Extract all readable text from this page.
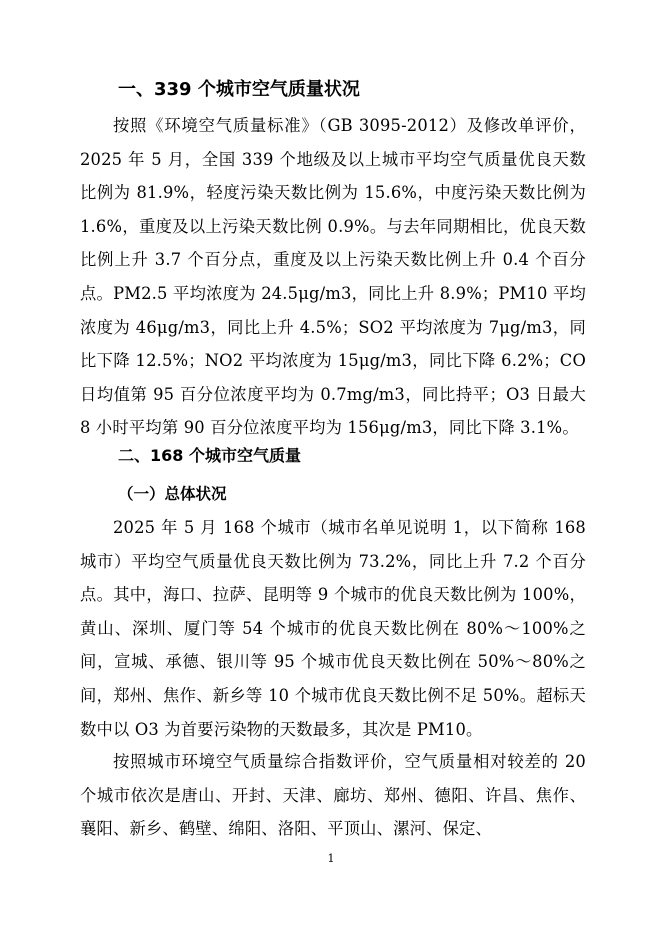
一、339 个城市空气质量状况
按照《环境空气质量标准》（GB 3095-2012）及修改单评价，2025 年 5 月，全国 339 个地级及以上城市平均空气质量优良天数比例为 81.9%，轻度污染天数比例为 15.6%，中度污染天数比例为 1.6%，重度及以上污染天数比例 0.9%。与去年同期相比，优良天数比例上升 3.7 个百分点，重度及以上污染天数比例上升 0.4 个百分点。PM2.5 平均浓度为 24.5μg/m3，同比上升 8.9%；PM10 平均浓度为 46μg/m3，同比上升 4.5%；SO2 平均浓度为 7μg/m3，同比下降 12.5%；NO2 平均浓度为 15μg/m3，同比下降 6.2%；CO 日均值第 95 百分位浓度平均为 0.7mg/m3，同比持平；O3 日最大 8 小时平均第 90 百分位浓度平均为 156μg/m3，同比下降 3.1%。
二、168 个城市空气质量
（一）总体状况
2025 年 5 月 168 个城市（城市名单见说明 1，以下简称 168 城市）平均空气质量优良天数比例为 73.2%，同比上升 7.2 个百分点。其中，海口、拉萨、昆明等 9 个城市的优良天数比例为 100%，黄山、深圳、厦门等 54 个城市的优良天数比例在 80%～100%之间，宣城、承德、银川等 95 个城市优良天数比例在 50%～80%之间，郑州、焦作、新乡等 10 个城市优良天数比例不足 50%。超标天数中以 O3 为首要污染物的天数最多，其次是 PM10。
按照城市环境空气质量综合指数评价，空气质量相对较差的 20 个城市依次是唐山、开封、天津、廊坊、郑州、德阳、许昌、焦作、襄阳、新乡、鹤壁、绵阳、洛阳、平顶山、漯河、保定、
1
